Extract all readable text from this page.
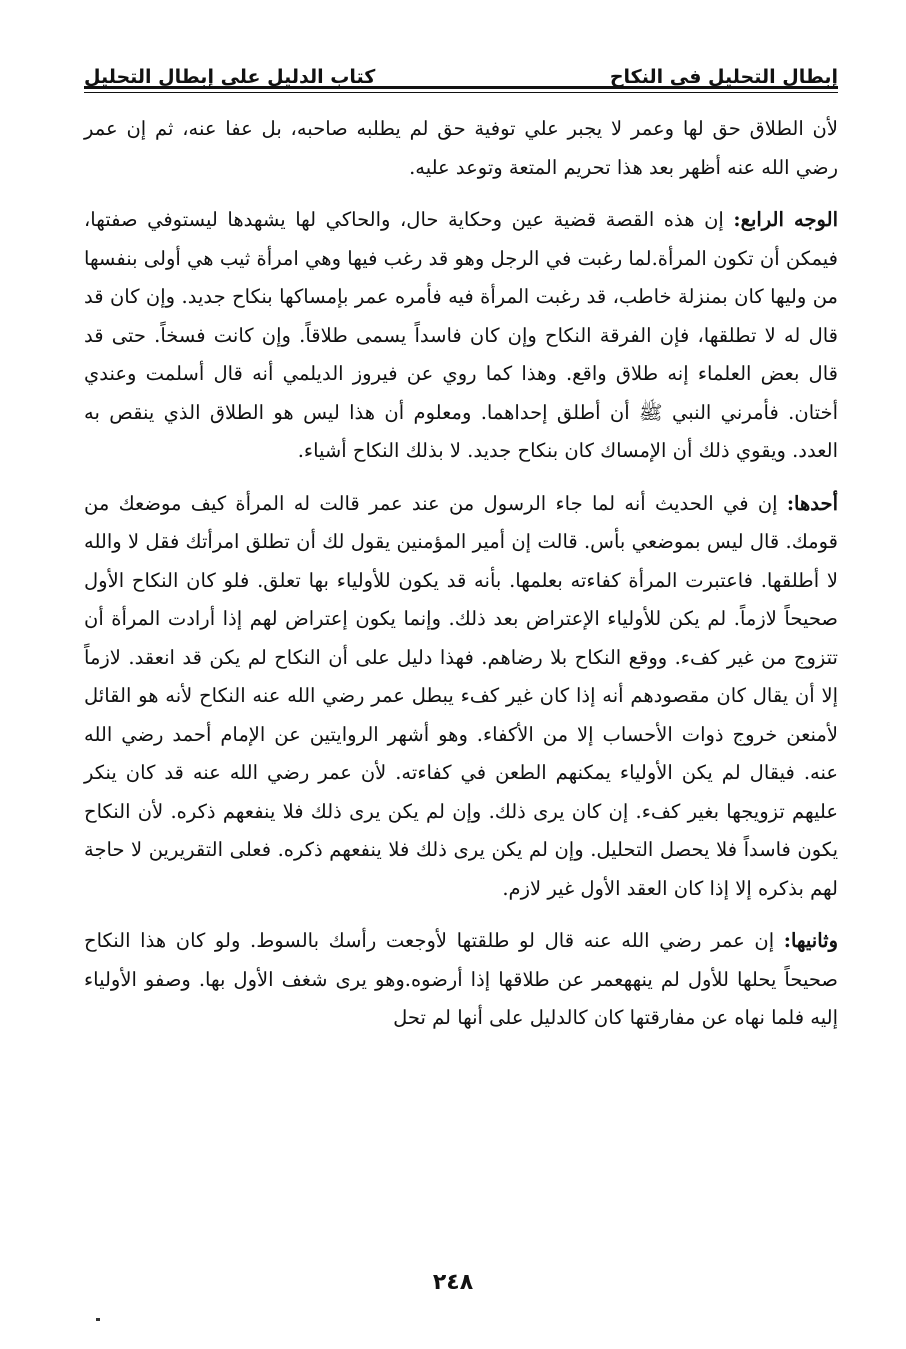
كتاب الدليل على إبطال التحليل	إبطال التحليل في النكاح

لأن الطلاق حق لها وعمر لا يجبر علي توفية حق لم يطلبه صاحبه، بل عفا عنه، ثم إن عمر رضي الله عنه أظهر بعد هذا تحريم المتعة وتوعد عليه.

الوجه الرابع: إن هذه القصة قضية عين وحكاية حال، والحاكي لها يشهدها ليستوفي صفتها، فيمكن أن تكون المرأة.لما رغبت في الرجل وهو قد رغب فيها وهي امرأة ثيب هي أولى بنفسها من وليها كان بمنزلة خاطب، قد رغبت المرأة فيه فأمره عمر بإمساكها بنكاح جديد. وإن كان قد قال له لا تطلقها، فإن الفرقة النكاح وإن كان فاسداً يسمى طلاقاً. وإن كانت فسخاً. حتى قد قال بعض العلماء إنه طلاق واقع. وهذا كما روي عن فيروز الديلمي أنه قال أسلمت وعندي أختان. فأمرني النبي ﷺ أن أطلق إحداهما. ومعلوم أن هذا ليس هو الطلاق الذي ينقص به العدد. ويقوي ذلك أن الإمساك كان بنكاح جديد. لا بذلك النكاح أشياء.

أحدها: إن في الحديث أنه لما جاء الرسول من عند عمر قالت له المرأة كيف موضعك من قومك. قال ليس بموضعي بأس. قالت إن أمير المؤمنين يقول لك أن تطلق امرأتك فقل لا والله لا أطلقها. فاعتبرت المرأة كفاءته بعلمها. بأنه قد يكون للأولياء بها تعلق. فلو كان النكاح الأول صحيحاً لازماً. لم يكن للأولياء الإعتراض بعد ذلك. وإنما يكون إعتراض لهم إذا أرادت المرأة أن تتزوج من غير كفء. ووقع النكاح بلا رضاهم. فهذا دليل على أن النكاح لم يكن قد انعقد. لازماً إلا أن يقال كان مقصودهم أنه إذا كان غير كفء يبطل عمر رضي الله عنه النكاح لأنه هو القائل لأمنعن خروج ذوات الأحساب إلا من الأكفاء. وهو أشهر الروايتين عن الإمام أحمد رضي الله عنه. فيقال لم يكن الأولياء يمكنهم الطعن في كفاءته. لأن عمر رضي الله عنه قد كان ينكر عليهم تزويجها بغير كفء. إن كان يرى ذلك. وإن لم يكن يرى ذلك فلا ينفعهم ذكره. لأن النكاح يكون فاسداً فلا يحصل التحليل. وإن لم يكن يرى ذلك فلا ينفعهم ذكره. فعلى التقريرين لا حاجة لهم بذكره إلا إذا كان العقد الأول غير لازم.

وثانيها: إن عمر رضي الله عنه قال لو طلقتها لأوجعت رأسك بالسوط. ولو كان هذا النكاح صحيحاً يحلها للأول لم ينههعمر عن طلاقها إذا أرضوه.وهو يرى شغف الأول بها. وصفو الأولياء إليه فلما نهاه عن مفارقتها كان كالدليل على أنها لم تحل

٢٤٨
